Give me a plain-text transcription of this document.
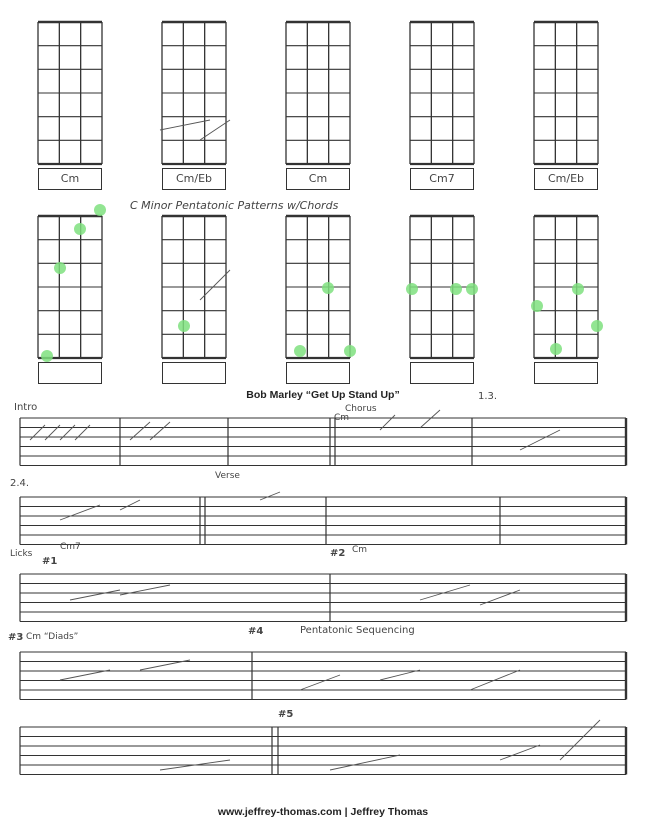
C Minor Pentatonic Patterns w/Chords
Intro	Chorus
Cm
1.3.
2.4.
Verse
Licks
#1
Cm7
#2 Cm
#3 Cm “Diads”	#4	Pentatonic Sequencing
#5
Cm	Cm/Eb	Cm	Cm7	Cm/Eb
Bob Marley “Get Up Stand Up”
www.jeffrey-thomas.com | Jeffrey Thomas
